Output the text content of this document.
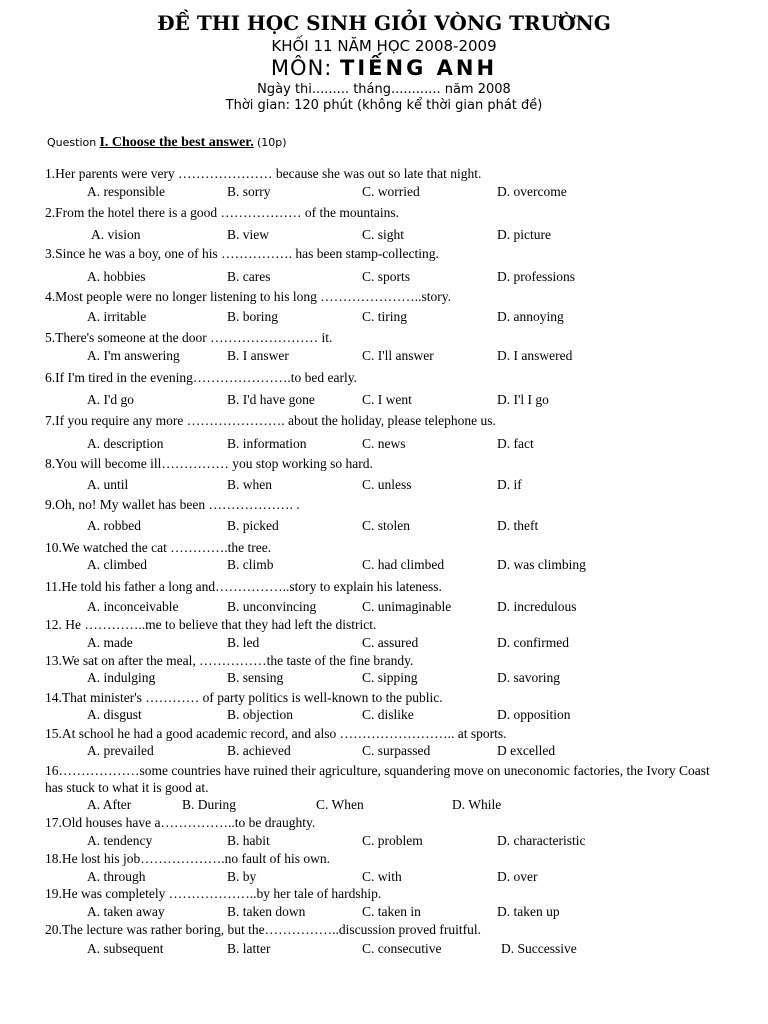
ĐỀ THI HỌC SINH GIỎI VÒNG TRƯỜNG
KHỐI 11 NĂM HỌC 2008-2009
MÔN: TIẾNG ANH
Ngày thi......... tháng............ năm 2008
Thời gian: 120 phút (không kể thời gian phát đề)
Question I. Choose the best answer. (10p)
1.Her parents were very ………………… because she was out so late that night.
A. responsible	B. sorry	C. worried	D. overcome
2.From the hotel there is a good ……………… of the mountains.
A. vision	B. view	C. sight	D. picture
3.Since he was a boy, one of his ……………. has been stamp-collecting.
A. hobbies	B. cares	C. sports	D. professions
4.Most people were no longer listening to his long …………………..story.
A. irritable	B. boring	C. tiring	D. annoying
5.There's someone at the door …………………… it.
A. I'm answering	B. I answer	C. I'll answer	D. I answered
6.If I'm tired in the evening………………….to bed early.
A. I'd go	B. I'd have gone	C. I went	D. I'l I go
7.If you require any more …………………. about the holiday, please telephone us.
A. description	B. information	C. news	D. fact
8.You will become ill…………… you stop working so hard.
A. until	B. when	C. unless	D. if
9.Oh, no! My wallet has been ………………. .
A. robbed	B. picked	C. stolen	D. theft
10.We watched the cat ………….the tree.
A. climbed	B. climb	C. had climbed	D. was climbing
11.He told his father a long and……………..story to explain his lateness.
A. inconceivable	B. unconvincing	C. unimaginable	D. incredulous
12. He …………..me to believe that they had left the district.
A. made	B. led	C. assured	D. confirmed
13.We sat on after the meal, ……………the taste of the fine brandy.
A. indulging	B. sensing	C. sipping	D. savoring
14.That minister's ………… of party politics is well-known to the public.
A. disgust	B. objection	C. dislike	D. opposition
15.At school he had a good academic record, and also …………………….. at sports.
A. prevailed	B. achieved	C. surpassed	D excelled
16………………some countries have ruined their agriculture, squandering move on uneconomic factories, the Ivory Coast has stuck to what it is good at.
A. After	B. During	C. When	D. While
17.Old houses have a……………..to be draughty.
A. tendency	B. habit	C. problem	D. characteristic
18.He lost his job……………….no fault of his own.
A. through	B. by	C. with	D. over
19.He was completely ………………..by her tale of hardship.
A. taken away	B. taken down	C. taken in	D. taken up
20.The lecture was rather boring, but the……………..discussion proved fruitful.
A. subsequent	B. latter	C. consecutive	D. Successive
